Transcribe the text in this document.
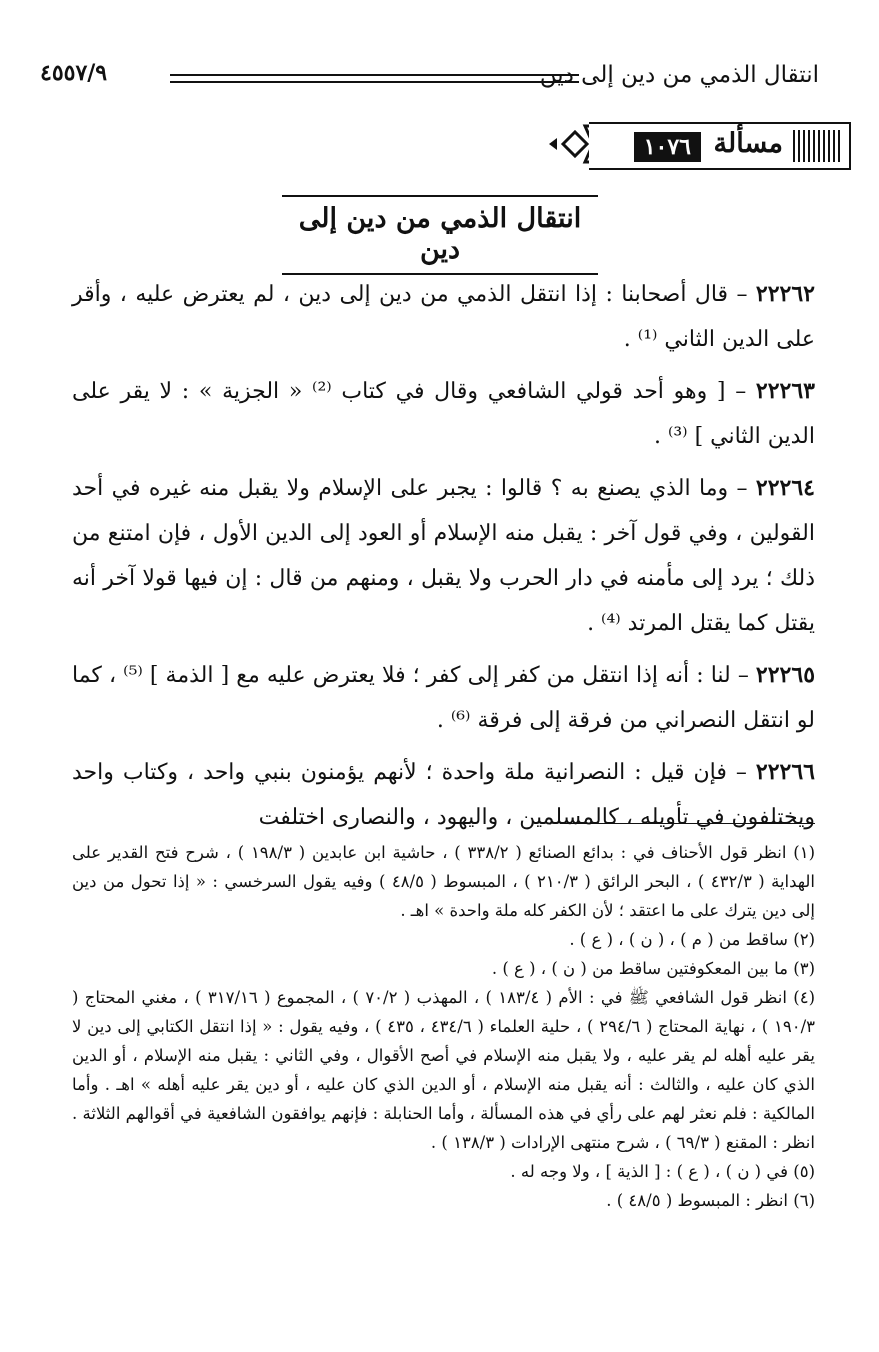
انتقال الذمي من دين إلى دين
٤٥٥٧/٩
مسألة
١٠٧٦
انتقال الذمي من دين إلى دين

٢٢٢٦٢ – قال أصحابنا : إذا انتقل الذمي من دين إلى دين ، لم يعترض عليه ، وأقر على الدين الثاني ⁽¹⁾ .

٢٢٢٦٣ – [ وهو أحد قولي الشافعي وقال في كتاب ⁽²⁾ « الجزية » : لا يقر على الدين الثاني ] ⁽³⁾ .

٢٢٢٦٤ – وما الذي يصنع به ؟ قالوا : يجبر على الإسلام ولا يقبل منه غيره في أحد القولين ، وفي قول آخر : يقبل منه الإسلام أو العود إلى الدين الأول ، فإن امتنع من ذلك ؛ يرد إلى مأمنه في دار الحرب ولا يقبل ، ومنهم من قال : إن فيها قولا آخر أنه يقتل كما يقتل المرتد ⁽⁴⁾ .

٢٢٢٦٥ – لنا : أنه إذا انتقل من كفر إلى كفر ؛ فلا يعترض عليه مع [ الذمة ] ⁽⁵⁾ ، كما لو انتقل النصراني من فرقة إلى فرقة ⁽⁶⁾ .

٢٢٢٦٦ – فإن قيل : النصرانية ملة واحدة ؛ لأنهم يؤمنون بنبي واحد ، وكتاب واحد ويختلفون في تأويله ، كالمسلمين ، واليهود ، والنصارى اختلفت

(١) انظر قول الأحناف في : بدائع الصنائع ( ٣٣٨/٢ ) ، حاشية ابن عابدين ( ١٩٨/٣ ) ، شرح فتح القدير على الهداية ( ٤٣٢/٣ ) ، البحر الرائق ( ٢١٠/٣ ) ، المبسوط ( ٤٨/٥ ) وفيه يقول السرخسي : « إذا تحول من دين إلى دين يترك على ما اعتقد ؛ لأن الكفر كله ملة واحدة » اهـ .

(٢) ساقط من ( م ) ، ( ن ) ، ( ع ) .

(٣) ما بين المعكوفتين ساقط من ( ن ) ، ( ع ) .

(٤) انظر قول الشافعي ﷺ في : الأم ( ١٨٣/٤ ) ، المهذب ( ٧٠/٢ ) ، المجموع ( ٣١٧/١٦ ) ، مغني المحتاج ( ١٩٠/٣ ) ، نهاية المحتاج ( ٢٩٤/٦ ) ، حلية العلماء ( ٤٣٤/٦ ، ٤٣٥ ) ، وفيه يقول : « إذا انتقل الكتابي إلى دين لا يقر عليه أهله لم يقر عليه ، ولا يقبل منه الإسلام في أصح الأقوال ، وفي الثاني : يقبل منه الإسلام ، أو الدين الذي كان عليه ، والثالث : أنه يقبل منه الإسلام ، أو الدين الذي كان عليه ، أو دين يقر عليه أهله » اهـ . وأما المالكية : فلم نعثر لهم على رأي في هذه المسألة ، وأما الحنابلة : فإنهم يوافقون الشافعية في أقوالهم الثلاثة . انظر : المقنع ( ٦٩/٣ ) ، شرح منتهى الإرادات ( ١٣٨/٣ ) .

(٥) في ( ن ) ، ( ع ) : [ الذية ] ، ولا وجه له .

(٦) انظر : المبسوط ( ٤٨/٥ ) .
